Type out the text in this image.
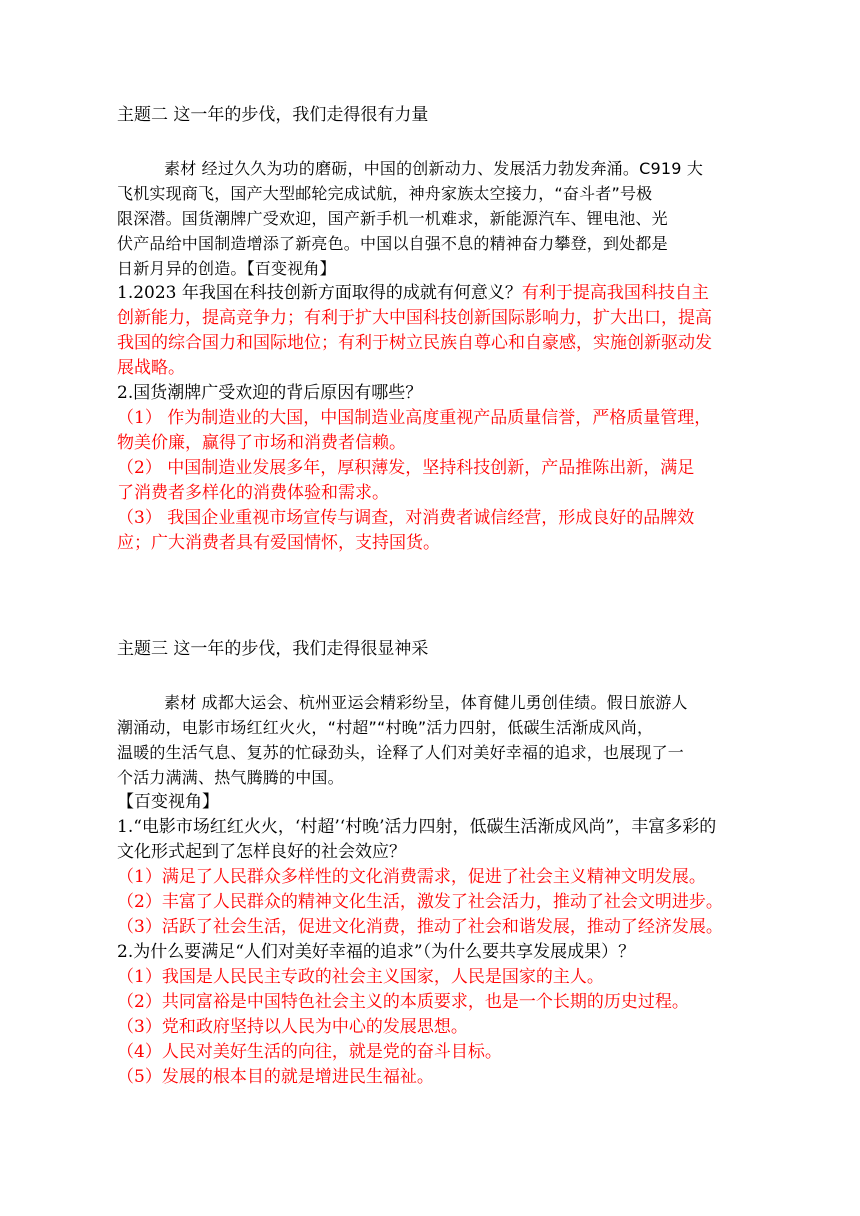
主题二 这一年的步伐，我们走得很有力量
素材 经过久久为功的磨砺，中国的创新动力、发展活力勃发奔涌。C919 大
飞机实现商飞，国产大型邮轮完成试航，神舟家族太空接力，“奋斗者”号极
限深潜。国货潮牌广受欢迎，国产新手机一机难求，新能源汽车、锂电池、光
伏产品给中国制造增添了新亮色。中国以自强不息的精神奋力攀登，到处都是
日新月异的创造。【百变视角】
1.2023 年我国在科技创新方面取得的成就有何意义？有利于提高我国科技自主
创新能力，提高竞争力；有利于扩大中国科技创新国际影响力，扩大出口，提高
我国的综合国力和国际地位；有利于树立民族自尊心和自豪感，实施创新驱动发
展战略。
2.国货潮牌广受欢迎的背后原因有哪些？
（1） 作为制造业的大国，中国制造业高度重视产品质量信誉，严格质量管理，
物美价廉，赢得了市场和消费者信赖。
（2） 中国制造业发展多年，厚积薄发，坚持科技创新，产品推陈出新，满足
了消费者多样化的消费体验和需求。
（3） 我国企业重视市场宣传与调查，对消费者诚信经营，形成良好的品牌效
应；广大消费者具有爱国情怀，支持国货。
主题三 这一年的步伐，我们走得很显神采
素材 成都大运会、杭州亚运会精彩纷呈，体育健儿勇创佳绩。假日旅游人
潮涌动，电影市场红红火火，“村超”“村晚”活力四射，低碳生活渐成风尚，
温暖的生活气息、复苏的忙碌劲头，诠释了人们对美好幸福的追求，也展现了一
个活力满满、热气腾腾的中国。
【百变视角】
1.“电影市场红红火火，‘村超’‘村晚’活力四射，低碳生活渐成风尚”，丰富多彩的
文化形式起到了怎样良好的社会效应？
（1）满足了人民群众多样性的文化消费需求，促进了社会主义精神文明发展。
（2）丰富了人民群众的精神文化生活，激发了社会活力，推动了社会文明进步。
（3）活跃了社会生活，促进文化消费，推动了社会和谐发展，推动了经济发展。
2.为什么要满足“人们对美好幸福的追求”（为什么要共享发展成果）？
（1）我国是人民民主专政的社会主义国家，人民是国家的主人。
（2）共同富裕是中国特色社会主义的本质要求，也是一个长期的历史过程。
（3）党和政府坚持以人民为中心的发展思想。
（4）人民对美好生活的向往，就是党的奋斗目标。
（5）发展的根本目的就是增进民生福祉。
